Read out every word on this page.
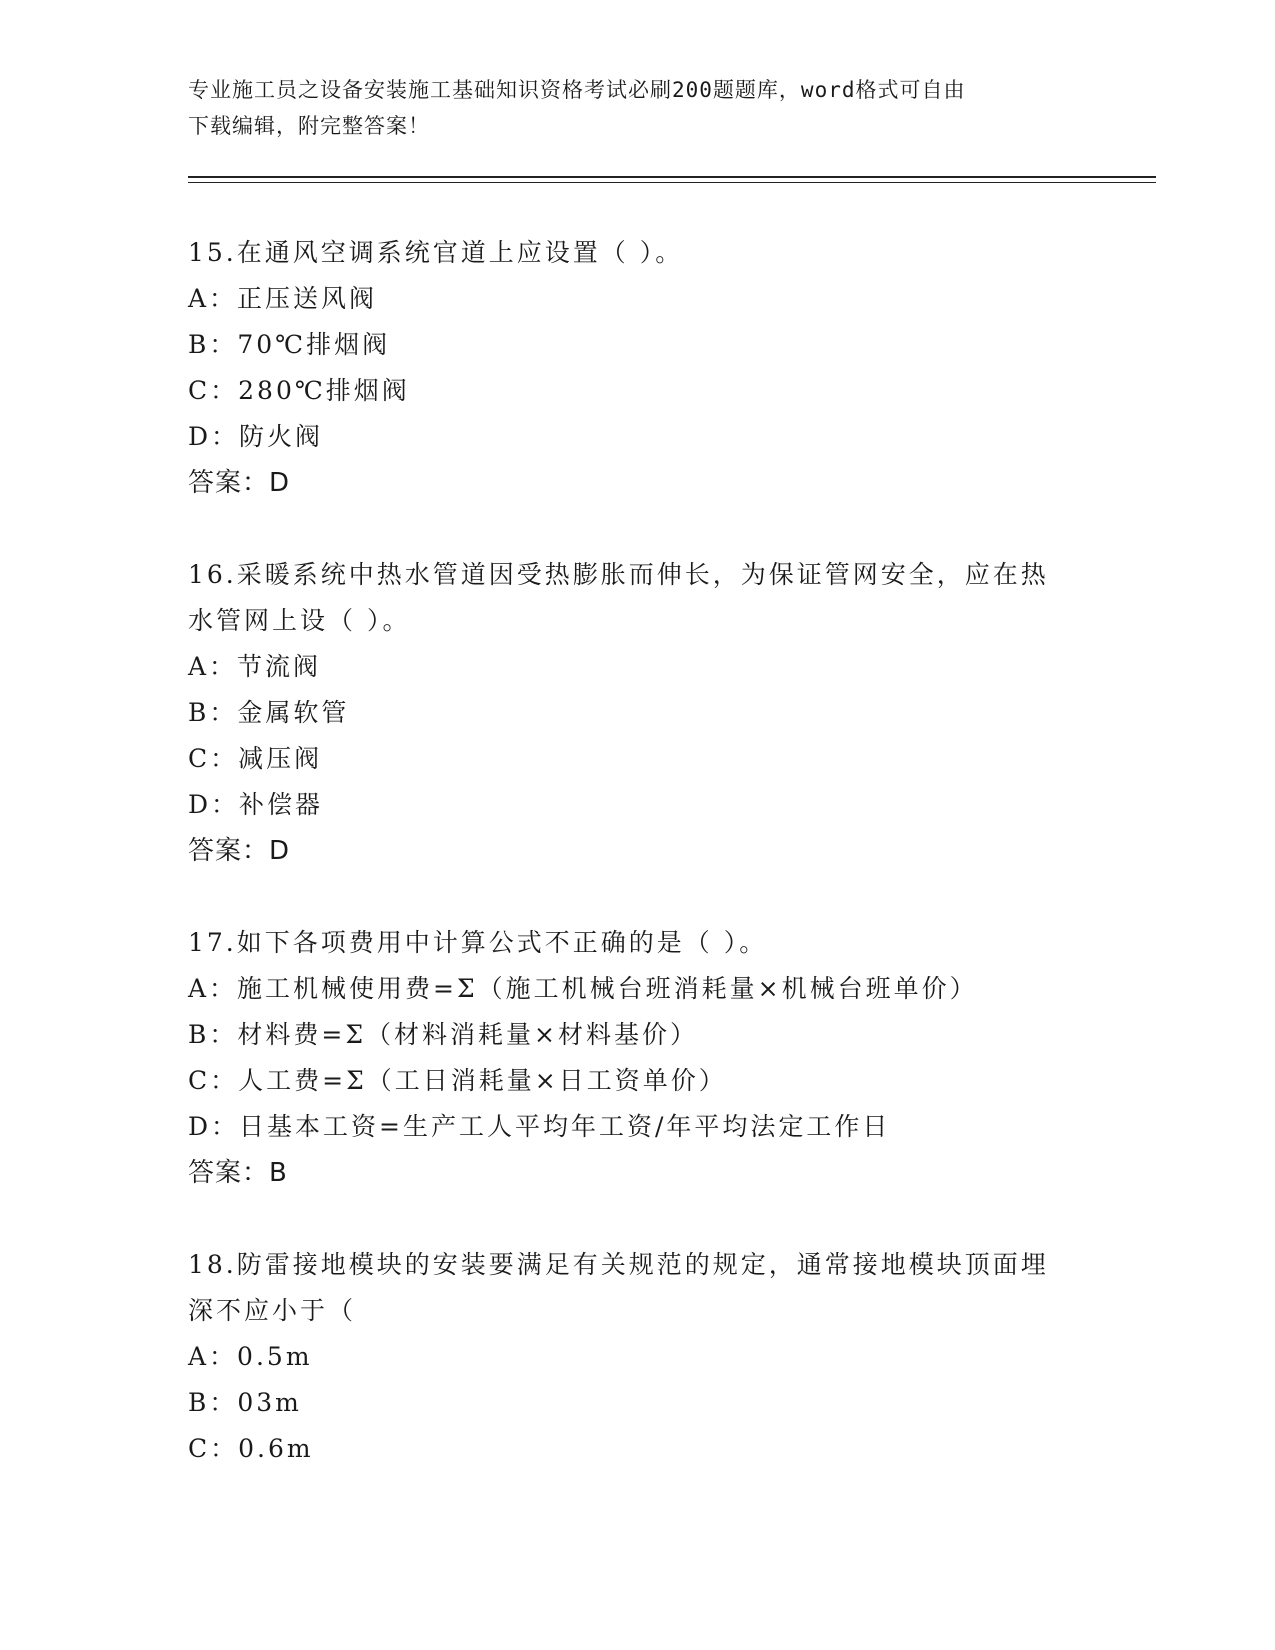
专业施工员之设备安装施工基础知识资格考试必刷200题题库，word格式可自由
下载编辑，附完整答案！
15.在通风空调系统官道上应设置（ ）。
A：正压送风阀
B：70℃排烟阀
C：280℃排烟阀
D：防火阀
答案：D
16.采暖系统中热水管道因受热膨胀而伸长，为保证管网安全，应在热
水管网上设（ ）。
A：节流阀
B：金属软管
C：减压阀
D：补偿器
答案：D
17.如下各项费用中计算公式不正确的是（ ）。
A：施工机械使用费=Σ（施工机械台班消耗量×机械台班单价）
B：材料费=Σ（材料消耗量×材料基价）
C：人工费=Σ（工日消耗量×日工资单价）
D：日基本工资=生产工人平均年工资/年平均法定工作日
答案：B
18.防雷接地模块的安装要满足有关规范的规定，通常接地模块顶面埋
深不应小于（
A：0.5m
B：03m
C：0.6m
